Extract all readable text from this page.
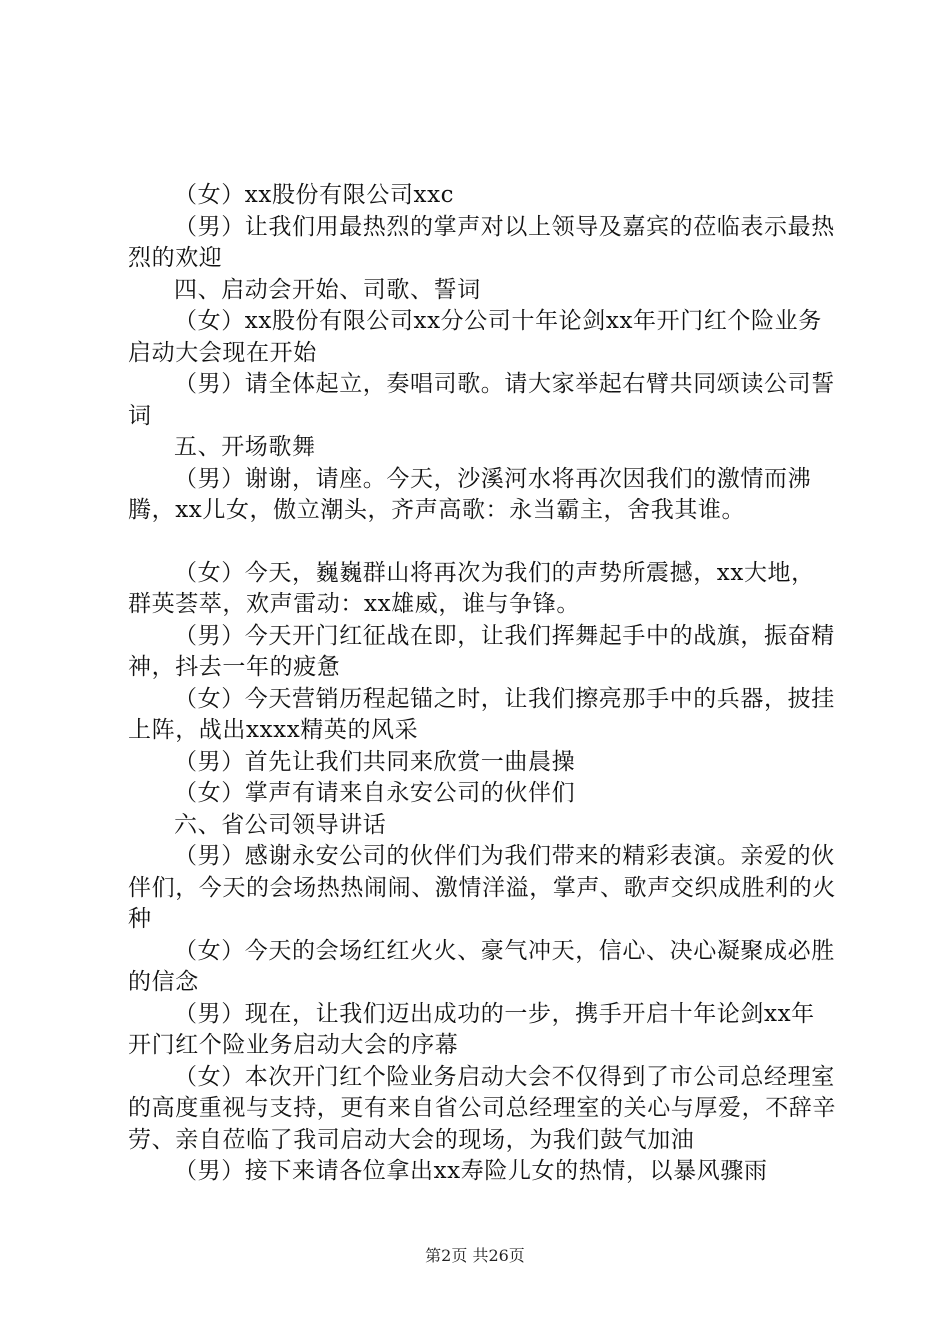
（女）xx股份有限公司xxc

（男）让我们用最热烈的掌声对以上领导及嘉宾的莅临表示最热烈的欢迎

四、启动会开始、司歌、誓词

（女）xx股份有限公司xx分公司十年论剑xx年开门红个险业务启动大会现在开始

（男）请全体起立，奏唱司歌。请大家举起右臂共同颂读公司誓词

五、开场歌舞

（男）谢谢，请座。今天，沙溪河水将再次因我们的激情而沸腾，xx儿女，傲立潮头，齐声高歌：永当霸主，舍我其谁。

（女）今天，巍巍群山将再次为我们的声势所震撼，xx大地，群英荟萃，欢声雷动：xx雄威，谁与争锋。

（男）今天开门红征战在即，让我们挥舞起手中的战旗，振奋精神，抖去一年的疲惫

（女）今天营销历程起锚之时，让我们擦亮那手中的兵器，披挂上阵，战出xxxx精英的风采

（男）首先让我们共同来欣赏一曲晨操

（女）掌声有请来自永安公司的伙伴们

六、省公司领导讲话

（男）感谢永安公司的伙伴们为我们带来的精彩表演。亲爱的伙伴们，今天的会场热热闹闹、激情洋溢，掌声、歌声交织成胜利的火种

（女）今天的会场红红火火、豪气冲天，信心、决心凝聚成必胜的信念

（男）现在，让我们迈出成功的一步，携手开启十年论剑xx年开门红个险业务启动大会的序幕

（女）本次开门红个险业务启动大会不仅得到了市公司总经理室的高度重视与支持，更有来自省公司总经理室的关心与厚爱，不辞辛劳、亲自莅临了我司启动大会的现场，为我们鼓气加油

（男）接下来请各位拿出xx寿险儿女的热情，以暴风骤雨

第2页 共26页
